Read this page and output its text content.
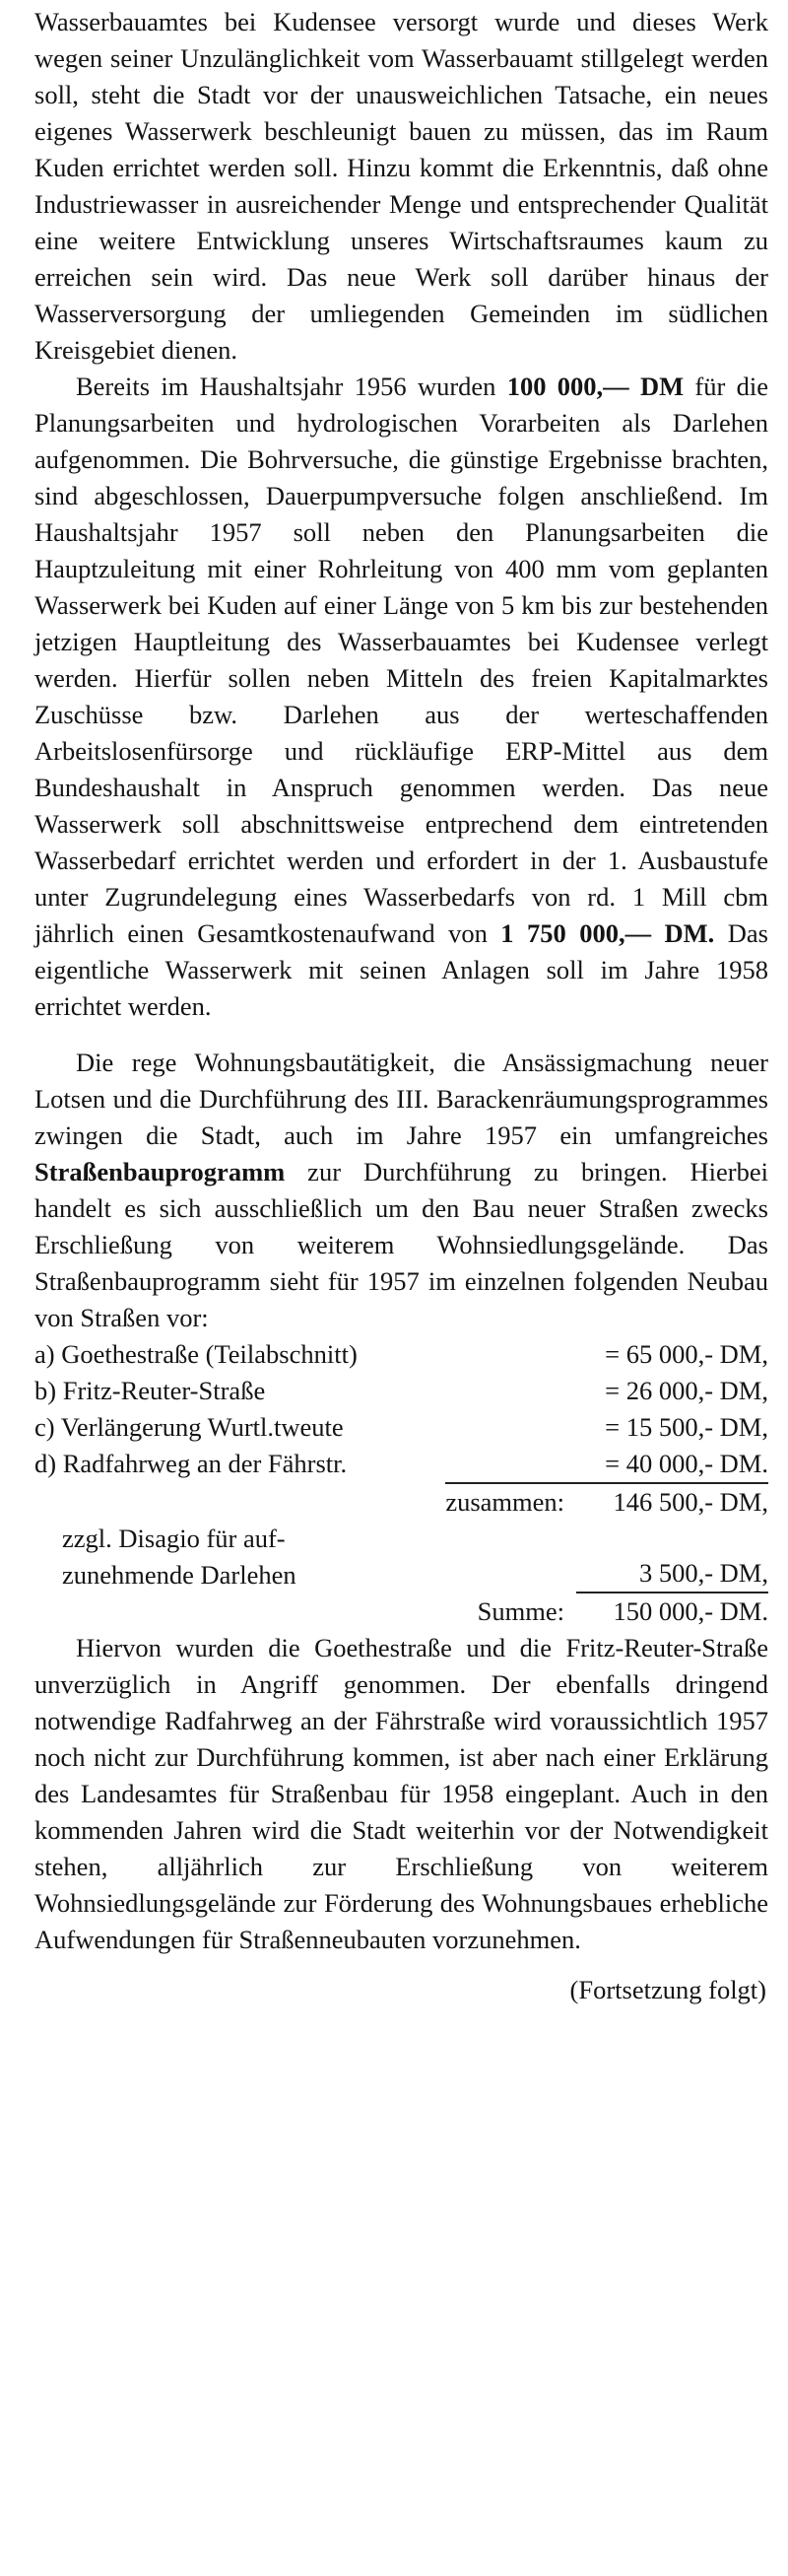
Wasserbauamtes bei Kudensee versorgt wurde und dieses Werk wegen seiner Unzulänglichkeit vom Wasserbauamt stillgelegt werden soll, steht die Stadt vor der unausweichlichen Tatsache, ein neues eigenes Wasserwerk beschleunigt bauen zu müssen, das im Raum Kuden errichtet werden soll. Hinzu kommt die Erkenntnis, daß ohne Industriewasser in ausreichender Menge und entsprechender Qualität eine weitere Entwicklung unseres Wirtschaftsraumes kaum zu erreichen sein wird. Das neue Werk soll darüber hinaus der Wasserversorgung der umliegenden Gemeinden im südlichen Kreisgebiet dienen.

Bereits im Haushaltsjahr 1956 wurden 100 000,— DM für die Planungsarbeiten und hydrologischen Vorarbeiten als Darlehen aufgenommen. Die Bohrversuche, die günstige Ergebnisse brachten, sind abgeschlossen, Dauerpumpversuche folgen anschließend. Im Haushaltsjahr 1957 soll neben den Planungsarbeiten die Hauptzuleitung mit einer Rohrleitung von 400 mm vom geplanten Wasserwerk bei Kuden auf einer Länge von 5 km bis zur bestehenden jetzigen Hauptleitung des Wasserbauamtes bei Kudensee verlegt werden. Hierfür sollen neben Mitteln des freien Kapitalmarktes Zuschüsse bzw. Darlehen aus der werteschaffenden Arbeitslosenfürsorge und rückläufige ERP-Mittel aus dem Bundeshaushalt in Anspruch genommen werden. Das neue Wasserwerk soll abschnittsweise entprechend dem eintretenden Wasserbedarf errichtet werden und erfordert in der 1. Ausbaustufe unter Zugrundelegung eines Wasserbedarfs von rd. 1 Mill cbm jährlich einen Gesamtkostenaufwand von 1 750 000,— DM. Das eigentliche Wasserwerk mit seinen Anlagen soll im Jahre 1958 errichtet werden.

Die rege Wohnungsbautätigkeit, die Ansässigmachung neuer Lotsen und die Durchführung des III. Barackenräumungsprogrammes zwingen die Stadt, auch im Jahre 1957 ein umfangreiches Straßenbauprogramm zur Durchführung zu bringen. Hierbei handelt es sich ausschließlich um den Bau neuer Straßen zwecks Erschließung von weiterem Wohnsiedlungsgelände. Das Straßenbauprogramm sieht für 1957 im einzelnen folgenden Neubau von Straßen vor:

a) Goethestraße (Teilabschnitt)	= 65 000,- DM,
b) Fritz-Reuter-Straße	= 26 000,- DM,
c) Verlängerung Wurtl.tweute	= 15 500,- DM,
d) Radfahrweg an der Fährstr.	= 40 000,- DM.
zusammen:	146 500,- DM,
zzgl. Disagio für auf-
zunehmende Darlehen	3 500,- DM,
Summe:	150 000,- DM.

Hiervon wurden die Goethestraße und die Fritz-Reuter-Straße unverzüglich in Angriff genommen. Der ebenfalls dringend notwendige Radfahrweg an der Fährstraße wird voraussichtlich 1957 noch nicht zur Durchführung kommen, ist aber nach einer Erklärung des Landesamtes für Straßenbau für 1958 eingeplant. Auch in den kommenden Jahren wird die Stadt weiterhin vor der Notwendigkeit stehen, alljährlich zur Erschließung von weiterem Wohnsiedlungsgelände zur Förderung des Wohnungsbaues erhebliche Aufwendungen für Straßenneubauten vorzunehmen.

(Fortsetzung folgt)
